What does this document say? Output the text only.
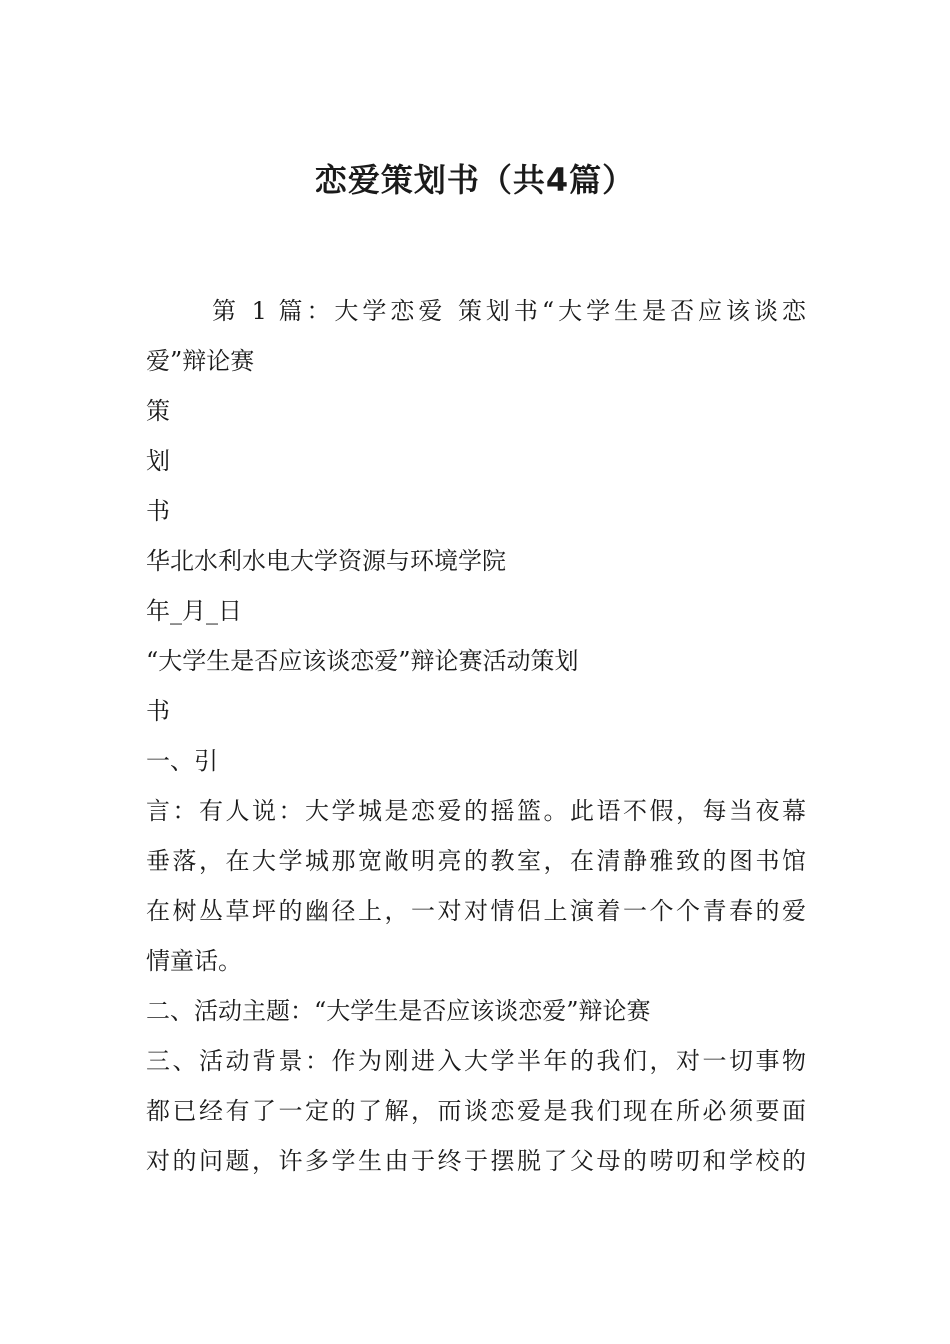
恋爱策划书（共4篇）

第 1 篇：大学恋爱 策划书“大学生是否应该谈恋

爱”辩论赛

策

划

书

华北水利水电大学资源与环境学院

年_月_日

“大学生是否应该谈恋爱”辩论赛活动策划

书

一、引

言：有人说：大学城是恋爱的摇篮。此语不假，每当夜幕

垂落，在大学城那宽敞明亮的教室，在清静雅致的图书馆

在树丛草坪的幽径上，一对对情侣上演着一个个青春的爱

情童话。

二、活动主题：“大学生是否应该谈恋爱”辩论赛

三、活动背景：作为刚进入大学半年的我们，对一切事物

都已经有了一定的了解，而谈恋爱是我们现在所必须要面

对的问题，许多学生由于终于摆脱了父母的唠叨和学校的
